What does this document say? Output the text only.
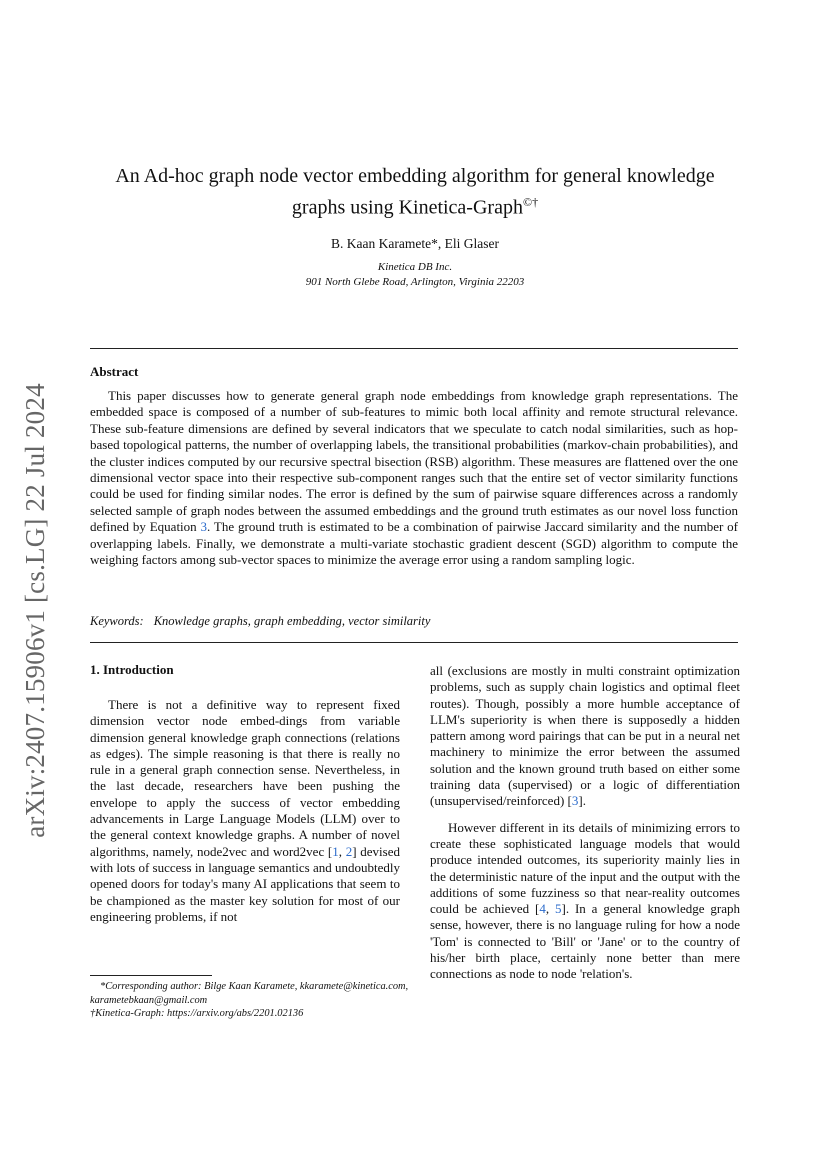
arXiv:2407.15906v1 [cs.LG] 22 Jul 2024
An Ad-hoc graph node vector embedding algorithm for general knowledge
graphs using Kinetica-Graph©†
B. Kaan Karamete*, Eli Glaser
Kinetica DB Inc.
901 North Glebe Road, Arlington, Virginia 22203
Abstract
This paper discusses how to generate general graph node embeddings from knowledge graph representations. The embedded space is composed of a number of sub-features to mimic both local affinity and remote structural relevance. These sub-feature dimensions are defined by several indicators that we speculate to catch nodal similarities, such as hop-based topological patterns, the number of overlapping labels, the transitional probabilities (markov-chain probabilities), and the cluster indices computed by our recursive spectral bisection (RSB) algorithm. These measures are flattened over the one dimensional vector space into their respective sub-component ranges such that the entire set of vector similarity functions could be used for finding similar nodes. The error is defined by the sum of pairwise square differences across a randomly selected sample of graph nodes between the assumed embeddings and the ground truth estimates as our novel loss function defined by Equation 3. The ground truth is estimated to be a combination of pairwise Jaccard similarity and the number of overlapping labels. Finally, we demonstrate a multi-variate stochastic gradient descent (SGD) algorithm to compute the weighing factors among sub-vector spaces to minimize the average error using a random sampling logic.
Keywords: Knowledge graphs, graph embedding, vector similarity
1. Introduction
There is not a definitive way to represent fixed dimension vector node embed-dings from variable dimension general knowledge graph connections (relations as edges). The simple reasoning is that there is really no rule in a general graph connection sense. Nevertheless, in the last decade, researchers have been pushing the envelope to apply the success of vector embedding advancements in Large Language Models (LLM) over to the general context knowledge graphs. A number of novel algorithms, namely, node2vec and word2vec [1, 2] devised with lots of success in language semantics and undoubtedly opened doors for today's many AI applications that seem to be championed as the master key solution for most of our engineering problems, if not

all (exclusions are mostly in multi constraint optimization problems, such as supply chain logistics and optimal fleet routes). Though, possibly a more humble acceptance of LLM's superiority is when there is supposedly a hidden pattern among word pairings that can be put in a neural net machinery to minimize the error between the assumed solution and the known ground truth based on either some training data (supervised) or a logic of differentiation (unsupervised/reinforced) [3].

However different in its details of minimizing errors to create these sophisticated language models that would produce intended outcomes, its superiority mainly lies in the deterministic nature of the input and the output with the additions of some fuzziness so that near-reality outcomes could be achieved [4, 5]. In a general knowledge graph sense, however, there is no language ruling for how a node 'Tom' is connected to 'Bill' or 'Jane' or to the country of his/her birth place, certainly none better than mere connections as node to node 'relation's.

*Corresponding author: Bilge Kaan Karamete, kkaramete@kinetica.com, karametebkaan@gmail.com
†Kinetica-Graph: https://arxiv.org/abs/2201.02136
